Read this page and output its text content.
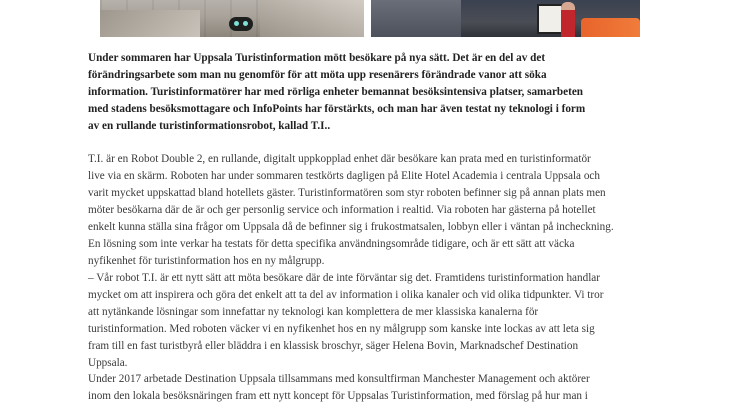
Under sommaren har Uppsala Turistinformation mött besökare på nya sätt. Det är en del av det
förändringsarbete som man nu genomför för att möta upp resenärers förändrade vanor att söka
information. Turistinformatörer har med rörliga enheter bemannat besöksintensiva platser, samarbeten
med stadens besöksmottagare och InfoPoints har förstärkts, och man har även testat ny teknologi i form
av en rullande turistinformationsrobot, kallad T.I..

T.I. är en Robot Double 2, en rullande, digitalt uppkopplad enhet där besökare kan prata med en turistinformatör
live via en skärm. Roboten har under sommaren testkörts dagligen på Elite Hotel Academia i centrala Uppsala och
varit mycket uppskattad bland hotellets gäster. Turistinformatören som styr roboten befinner sig på annan plats men
möter besökarna där de är och ger personlig service och information i realtid. Via roboten har gästerna på hotellet
enkelt kunna ställa sina frågor om Uppsala då de befinner sig i frukostmatsalen, lobbyn eller i väntan på incheckning.
En lösning som inte verkar ha testats för detta specifika användningsområde tidigare, och är ett sätt att väcka
nyfikenhet för turistinformation hos en ny målgrupp.

– Vår robot T.I. är ett nytt sätt att möta besökare där de inte förväntar sig det. Framtidens turistinformation handlar
mycket om att inspirera och göra det enkelt att ta del av information i olika kanaler och vid olika tidpunkter. Vi tror
att nytänkande lösningar som innefattar ny teknologi kan komplettera de mer klassiska kanalerna för
turistinformation. Med roboten väcker vi en nyfikenhet hos en ny målgrupp som kanske inte lockas av att leta sig
fram till en fast turistbyrå eller bläddra i en klassisk broschyr, säger Helena Bovin, Marknadschef Destination
Uppsala.

Under 2017 arbetade Destination Uppsala tillsammans med konsultfirman Manchester Management och aktörer
inom den lokala besöksnäringen fram ett nytt koncept för Uppsalas Turistinformation, med förslag på hur man i
